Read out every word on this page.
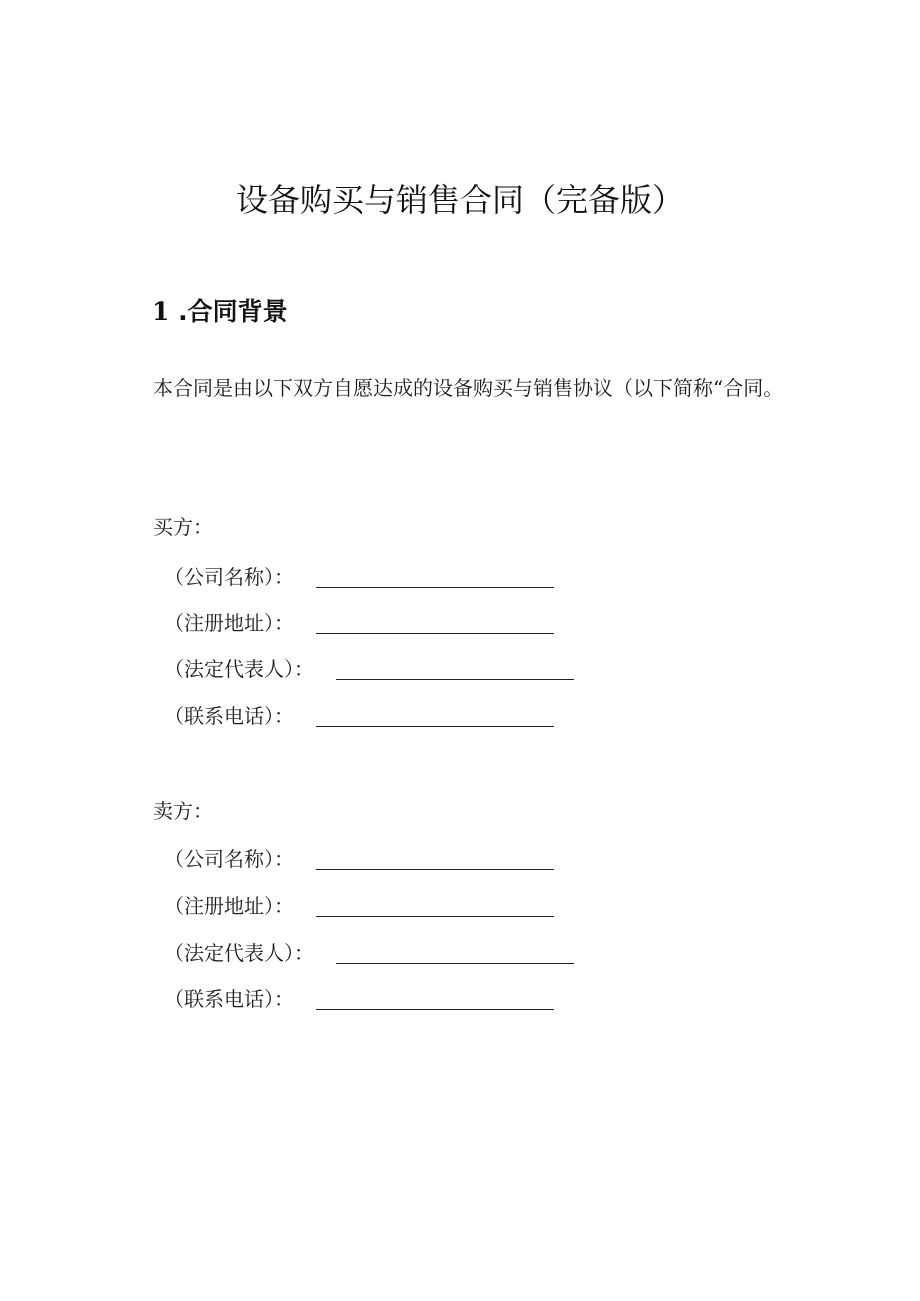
设备购买与销售合同（完备版）
1 .合同背景

本合同是由以下双方自愿达成的设备购买与销售协议（以下简称“合同。

买方：

（公司名称）：
（注册地址）：
（法定代表人）：
（联系电话）：

卖方：

（公司名称）：
（注册地址）：
（法定代表人）：
（联系电话）：
